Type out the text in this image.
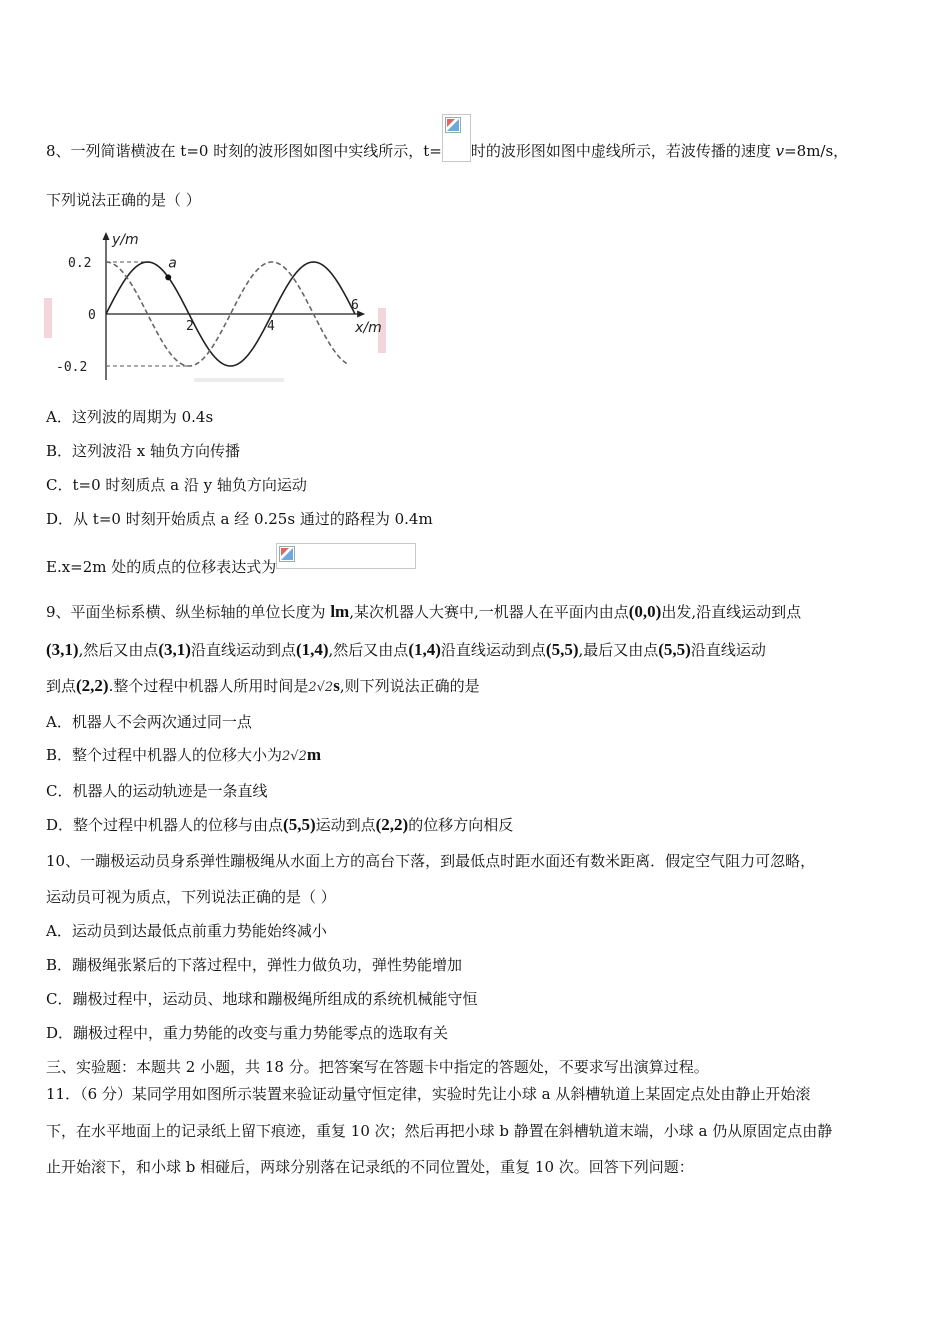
8、一列简谐横波在 t=0 时刻的波形图如图中实线所示，t= 时的波形图如图中虚线所示，若波传播的速度 v=8m/s，
下列说法正确的是（ ）
a
0.2
0
-0.2
2	4
6
y/m
x/m
A．这列波的周期为 0.4s
B．这列波沿 x 轴负方向传播
C．t=0 时刻质点 a 沿 y 轴负方向运动
D．从 t=0 时刻开始质点 a 经 0.25s 通过的路程为 0.4m
E.x=2m 处的质点的位移表达式为
9、平面坐标系横、纵坐标轴的单位长度为 lm,某次机器人大赛中,一机器人在平面内由点(0,0)出发,沿直线运动到点
(3,1),然后又由点(3,1)沿直线运动到点(1,4),然后又由点(1,4)沿直线运动到点(5,5),最后又由点(5,5)沿直线运动
到点(2,2).整个过程中机器人所用时间是2√2s,则下列说法正确的是
A．机器人不会两次通过同一点
B．整个过程中机器人的位移大小为2√2m
C．机器人的运动轨迹是一条直线
D．整个过程中机器人的位移与由点(5,5)运动到点(2,2)的位移方向相反
10、一蹦极运动员身系弹性蹦极绳从水面上方的高台下落，到最低点时距水面还有数米距离．假定空气阻力可忽略，
运动员可视为质点，下列说法正确的是（ ）
A．运动员到达最低点前重力势能始终减小
B．蹦极绳张紧后的下落过程中，弹性力做负功，弹性势能增加
C．蹦极过程中，运动员、地球和蹦极绳所组成的系统机械能守恒
D．蹦极过程中，重力势能的改变与重力势能零点的选取有关
三、实验题：本题共 2 小题，共 18 分。把答案写在答题卡中指定的答题处，不要求写出演算过程。
11．（6 分）某同学用如图所示装置来验证动量守恒定律，实验时先让小球 a 从斜槽轨道上某固定点处由静止开始滚
下，在水平地面上的记录纸上留下痕迹，重复 10 次；然后再把小球 b 静置在斜槽轨道末端，小球 a 仍从原固定点由静
止开始滚下，和小球 b 相碰后，两球分别落在记录纸的不同位置处，重复 10 次。回答下列问题：
